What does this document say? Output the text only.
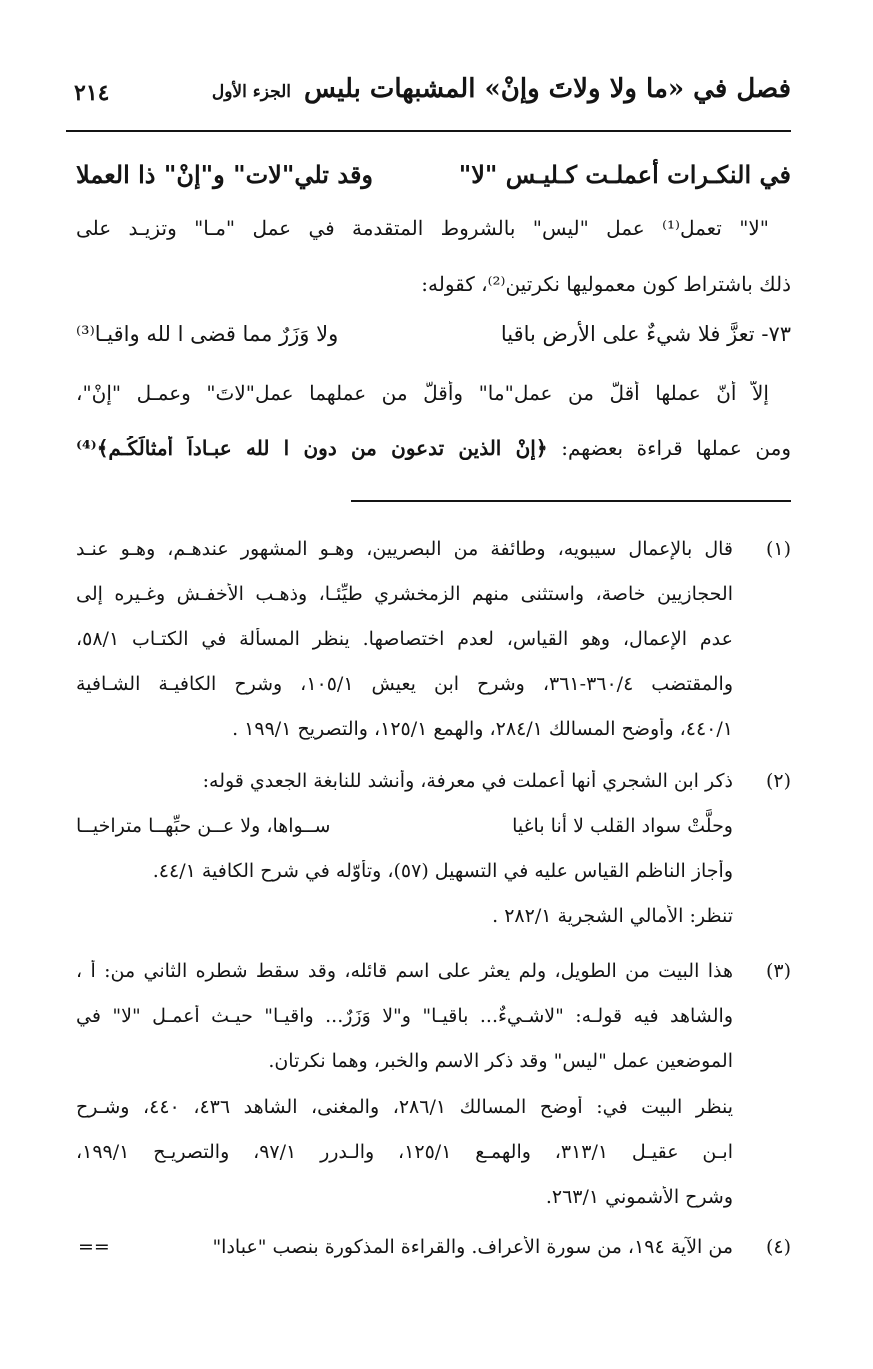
فصل في «ما ولا ولاتَ وإنْ» المشبهات بليس
الجزء الأول
٢١٤
في النكـرات أعملـت كـليـس "لا"
وقد تلي"لات" و"إنْ" ذا العملا
"لا" تعمل⁽¹⁾ عمل "ليس" بالشروط المتقدمة في عمل "مـا" وتزيـد على
ذلك باشتراط كون معموليها نكرتين⁽²⁾، كقوله:
٧٣- تعزَّ فلا شيءٌ على الأرض باقيا
ولا وَزَرٌ مما قضى ا لله واقيـا⁽³⁾
إلاّ أنّ عملها أقلُّ من عمل"ما" وأقلُّ من عملهما عمل"لاتَ" وعمـل "إنْ"،
ومن عملها قراءة بعضهم: ﴿إنْ الذين تدعون من دون ا لله عبـاداً أمثالَكُـم﴾⁽⁴⁾
(١)
قال بالإعمال سيبويه، وطائفة من البصريين، وهـو المشهور عندهـم، وهـو عنـد
الحجازيين خاصة، واستثنى منهم الزمخشري طيِّئـا، وذهـب الأخفـش وغـيره إلى
عدم الإعمال، وهو القياس، لعدم اختصاصها. ينظر المسألة في الكتـاب ٥٨/١،
والمقتضب ٣٦٠/٤-٣٦١، وشرح ابن يعيش ١٠٥/١، وشرح الكافيـة الشـافية
٤٤٠/١، وأوضح المسالك ٢٨٤/١، والهمع ١٢٥/١، والتصريح ١٩٩/١ .
(٢)
ذكر ابن الشجري أنها أعملت في معرفة، وأنشد للنابغة الجعدي قوله:
وحلَّتْ سواد القلب لا أنا باغيا
ســواها، ولا عــن حبِّهــا متراخيــا
وأجاز الناظم القياس عليه في التسهيل (٥٧)، وتأوّله في شرح الكافية ٤٤/١.
تنظر: الأمالي الشجرية ٢٨٢/١ .
(٣)
هذا البيت من الطويل، ولم يعثر على اسم قائله، وقد سقط شطره الثاني من: أ ،
والشاهد فيه قولـه: "لاشـيءٌ... باقيـا" و"لا وَزَرٌ... واقيـا" حيـث أعمـل "لا" في
الموضعين عمل "ليس" وقد ذكر الاسم والخبر، وهما نكرتان.
ينظر البيت في: أوضح المسالك ٢٨٦/١، والمغنى، الشاهد ٤٣٦، ٤٤٠، وشـرح
ابـن عقيـل ٣١٣/١، والهمـع ١٢٥/١، والـدرر ٩٧/١، والتصريـح ١٩٩/١،
وشرح الأشموني ٢٦٣/١.
(٤)
من الآية ١٩٤، من سورة الأعراف. والقراءة المذكورة بنصب "عبادا"
==
